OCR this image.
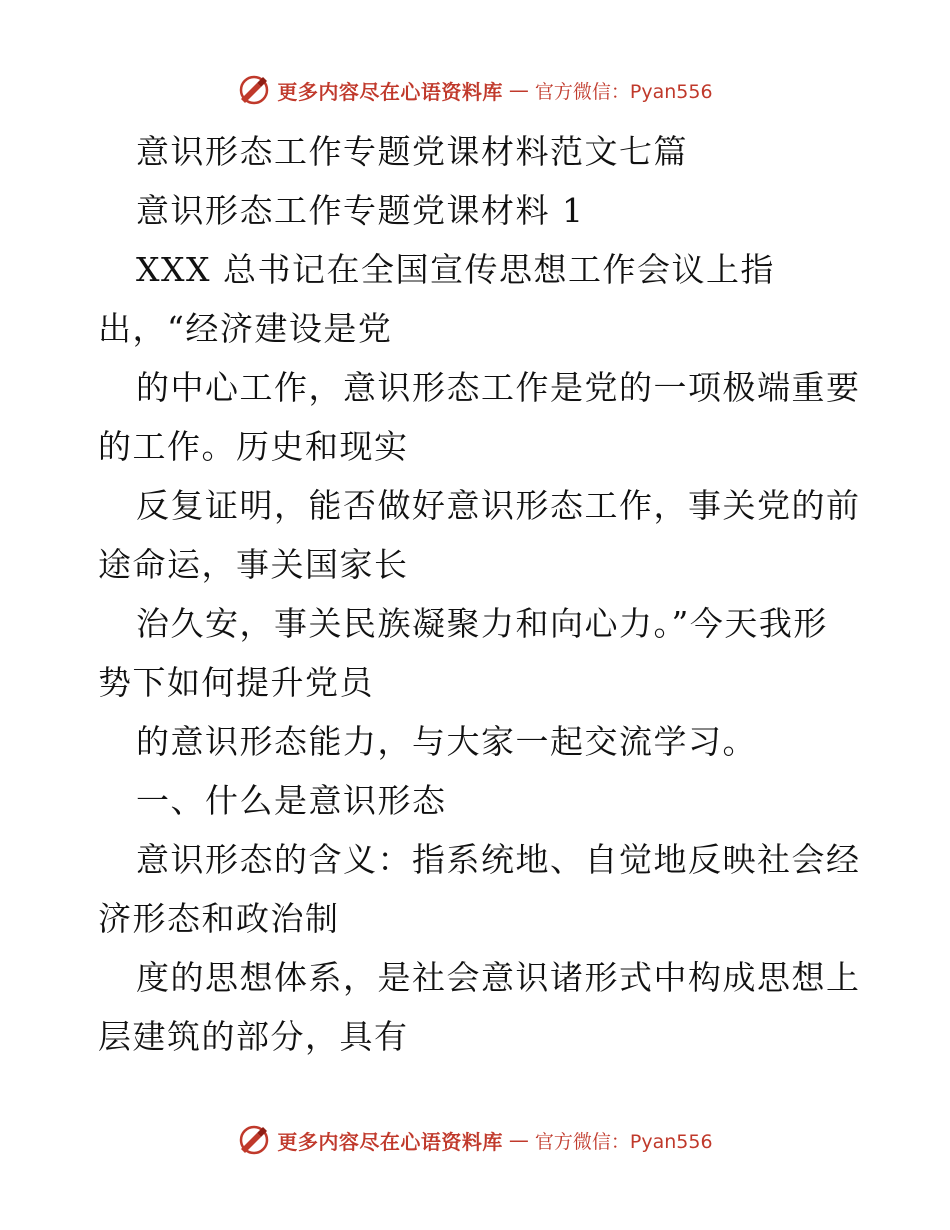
更多内容尽在心语资料库 — 官方微信：Pyan556
意识形态工作专题党课材料范文七篇
意识形态工作专题党课材料 1
XXX 总书记在全国宣传思想工作会议上指
出，“经济建设是党
的中心工作，意识形态工作是党的一项极端重要
的工作。历史和现实
反复证明，能否做好意识形态工作，事关党的前
途命运，事关国家长
治久安，事关民族凝聚力和向心力。”今天我形
势下如何提升党员
的意识形态能力，与大家一起交流学习。
一、什么是意识形态
意识形态的含义：指系统地、自觉地反映社会经
济形态和政治制
度的思想体系，是社会意识诸形式中构成思想上
层建筑的部分，具有
更多内容尽在心语资料库 — 官方微信：Pyan556
